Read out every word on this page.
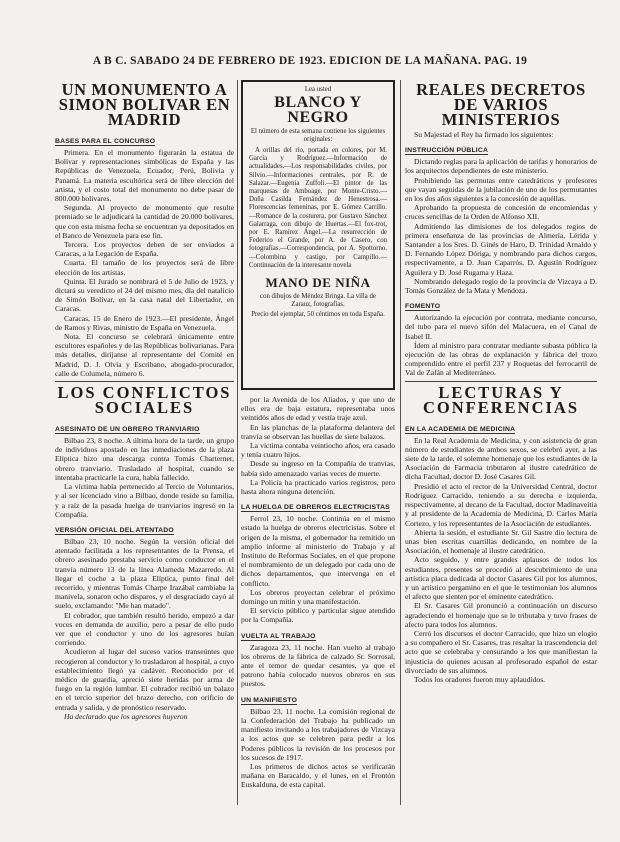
A B C. SABADO 24 DE FEBRERO DE 1923. EDICION DE LA MAÑANA. PAG. 19
UN MONUMENTO A SIMON BOLIVAR EN MADRID
BASES PARA EL CONCURSO

Primera. En el monumento figurarán la estatua de Bolívar y representaciones simbólicas de España y las Repúblicas de Venezuela, Ecuador, Perú, Bolivia y Panamá. La materia escultórica será de libre elección del artista, y el costo total del monumento no debe pasar de 800.000 bolívares.

Segunda. Al proyecto de monumento que resulte premiado se le adjudicará la cantidad de 20.000 bolívares, que con esta misma fecha se encuentran ya depositados en el Banco de Venezuela para ese fin.

Tercera. Los proyectos deben de ser enviados a Caracas, a la Legación de España.

Cuarta. El tamaño de los proyectos será de libre elección de los artistas.

Quinta. El Jurado se nombrará el 5 de Julio de 1923, y dictará su veredicto el 24 del mismo mes, día del natalicio de Simón Bolívar, en la casa natal del Libertador, en Caracas.

Caracas, 15 de Enero de 1923.—El presidente, Ángel de Ramos y Rivas, ministro de España en Venezuela.

Nota. El concurso se celebrará únicamente entre escultores españoles y de las Repúblicas bolivarianas. Para más detalles, diríjanse al representante del Comité en Madrid, D. J. Olvia y Escribano, abogado-procurador, calle de Columela, número 6.

LOS CONFLICTOS SOCIALES
ASESINATO DE UN OBRERO TRANVIARIO

Bilbao 23, 8 noche. A última hora de la tarde, un grupo de individuos apostado en las inmediaciones de la plaza Elíptica hizo una descarga contra Tomás Charterner, obrero tranviario. Trasladado al hospital, cuando se intentaba practicarle la cura, había fallecido.

La víctima había pertenecido al Tercio de Voluntarios, y al ser licenciado vino a Bilbao, donde reside su familia, y a raíz de la pasada huelga de tranviarios ingresó en la Compañía.

VERSIÓN OFICIAL DEL ATENTADO

Bilbao 23, 10 noche. Según la versión oficial del atentado facilitada a los representantes de la Prensa, el obrero asesinado prestaba servicio como conductor en el tranvía número 13 de la línea Alameda Mazarredo. Al llegar el coche a la plaza Elíptica, punto final del recorrido, y mientras Tomás Charpe Irazábal cambiaba la manivela, sonaron ocho disparos, y el desgraciado cayó al suelo, exclamando: "Me han matado".

El cobrador, que también resultó herido, empezó a dar voces en demanda de auxilio, pero a pesar de ello pudo ver que el conductor y uno de los agresores huían corriendo.

Acudieron al lugar del suceso varios transeúntes que recogieron al conductor y lo trasladaron al hospital, a cuyo establecimiento llegó ya cadáver. Reconocido por el médico de guardia, apreció siete heridas por arma de fuego en la región lumbar. El cobrador recibió un balazo en el tercio superior del brazo derecho, con orificio de entrada y salida, y de pronóstico reservado.

Ha declarado que los agresores huyeron

Lea usted
BLANCO Y NEGRO
El número de esta semana contiene los siguientes originales:
A orillas del río, portada en colores, por M. García y Rodríguez.—Información de actualidades.—Los responsabilidades civiles, por Silvio.—Informaciones centrales, por R. de Salazar.—Eugenia Zuffoli.—El pintor de las marquesas de Amboage, por Monte-Cristo.—Doña Casilda Fernández de Henestrosa.—Florescencias femeninas, por E. Gómez Carrillo.—Romance de la costurera, por Gustavo Sánchez Galarraga, con dibujo de Huertas.—El fox-trot, por E. Ramírez Ángel.—La resurrección de Federico el Grande, por A. de Casero, con fotografías.—Correspondencia, por A. Spottorno.—Colombina y castigo, por Campillo.—Continuación de la interesante novela
MANO DE NIÑA
con dibujos de Méndez Bringa. La villa de Zarauz, fotografías.
Precio del ejemplar, 50 céntimos en toda España.

por la Avenida de los Aliados, y que uno de ellos era de baja estatura, representaba unos veintidós años de edad y vestía traje azul.

En las planchas de la plataforma delantera del tranvía se observan las huellas de siete balazos.

La víctima contaba veintiocho años, era casado y tenía cuatro hijos.

Desde su ingreso en la Compañía de tranvías, había sido amenazado varias veces de muerte.

La Policía ha practicado varios registros, pero hasta ahora ninguna detención.

LA HUELGA DE OBREROS ELECTRICISTAS

Ferrol 23, 10 noche. Continúa en el mismo estado la huelga de obreros electricistas. Sobre el origen de la misma, el gobernador ha remitido un amplio informe al ministerio de Trabajo y al Instituto de Reformas Sociales, en el que propone el nombramiento de un delegado por cada uno de dichos departamentos, que intervenga en el conflicto.

Los obreros proyectan celebrar el próximo domingo un mitin y una manifestación.

El servicio público y particular sigue atendido por la Compañía.

VUELTA AL TRABAJO

Zaragoza 23, 11 noche. Han vuelto al trabajo los obreros de la fábrica de calzado Sr. Sorrosal, ante el temor de quedar cesantes, ya que el patrono había colocado nuevos obreros en sus puestos.

UN MANIFIESTO

Bilbao 23, 11 noche. La comisión regional de la Confederación del Trabajo ha publicado un manifiesto invitando a los trabajadores de Vizcaya a los actos que se celebren para pedir a los Poderes públicos la revisión de los procesos por los sucesos de 1917.

Los primeros de dichos actos se verificarán mañana en Baracaldo, y el lunes, en el Frontón Euskalduna, de esta capital.

REALES DECRETOS DE VARIOS MINISTERIOS

Su Majestad el Rey ha firmado los siguientes:

INSTRUCCIÓN PÚBLICA

Dictando reglas para la aplicación de tarifas y honorarios de los arquitectos dependientes de este ministerio.

Prohibiendo las permutas entre catedráticos y profesores que vayan seguidas de la jubilación de uno de los permutantes en los dos años siguientes a la concesión de aquéllas.

Aprobando la propuesta de concesión de encomiendas y cruces sencillas de la Orden de Alfonso XII.

Admitiendo las dimisiones de los delegados regios de primera enseñanza de las provincias de Almería, Lérida y Santander a los Sres. D. Ginés de Haro, D. Trinidad Arnaldo y D. Fernando López Dóriga, y nombrando para dichos cargos, respectivamente, a D. Juan Caparrós, D. Agustín Rodríguez Aguilera y D. José Rugama y Haza.

Nombrando delegado regio de la provincia de Vizcaya a D. Tomás González de la Mata y Mendoza.

FOMENTO

Autorizando la ejecución por contrata, mediante concurso, del tubo para el nuevo sifón del Malacuera, en el Canal de Isabel II.

Ídem al ministro para contratar mediante subasta pública la ejecución de las obras de explanación y fábrica del trozo comprendido entre el perfil 237 y Roquetas del ferrocarril de Val de Zafán al Mediterráneo.

LECTURAS Y CONFERENCIAS
EN LA ACADEMIA DE MEDICINA

En la Real Academia de Medicina, y con asistencia de gran número de estudiantes de ambos sexos, se celebró ayer, a las siete de la tarde, el solemne homenaje que los estudiantes de la Asociación de Farmacia tributaron al ilustre catedrático de dicha Facultad, doctor D. José Casares Gil.

Presidió el acto el rector de la Universidad Central, doctor Rodríguez Carracido, teniendo a su derecha e izquierda, respectivamente, al decano de la Facultad, doctor Madinaveitia y al presidente de la Academia de Medicina, D. Carlos María Cortezo, y los representantes de la Asociación de estudiantes.

Abierta la sesión, el estudiante Sr. Gil Sastre dio lectura de unas bien escritas cuartillas dedicando, en nombre de la Asociación, el homenaje al ilustre catedrático.

Acto seguido, y entre grandes aplausos de todos los estudiantes, presentes se procedió al descubrimiento de una artística placa dedicada al doctor Casares Gil por los alumnos, y un artístico pergamino en el que le testimonian los alumnos el afecto que sienten por el eminente catedrático.

El Sr. Casares Gil pronunció a continuación un discurso agradeciendo el homenaje que se le tributaba y tuvo frases de afecto para todos los alumnos.

Cerró los discursos el doctor Carracido, que hizo un elogio a su compañero el Sr. Casares, tras resaltar la trascendencia del acto que se celebraba y censurando a los que manifiestan la injusticia de quienes acusan al profesorado español de estar divorciado de sus alumnos.

Todos los oradores fueron muy aplaudidos.
